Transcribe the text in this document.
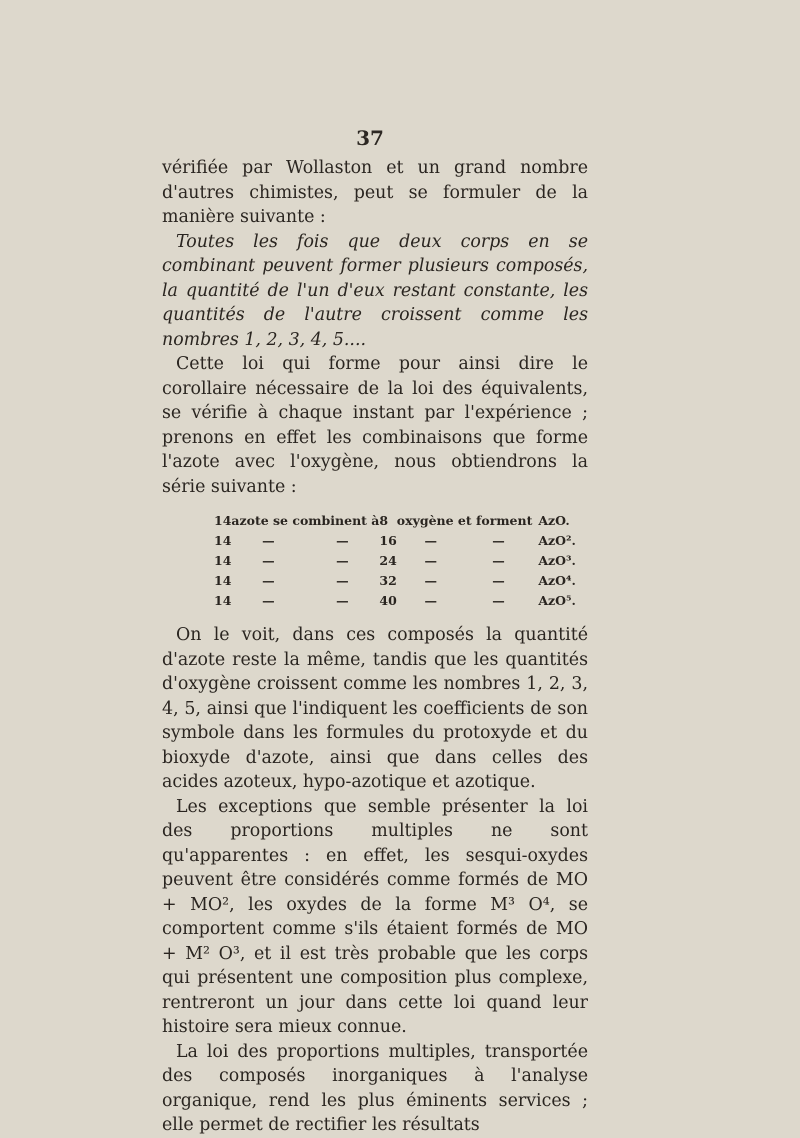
37

vérifiée par Wollaston et un grand nombre d'autres chimistes, peut se formuler de la manière suivante :

Toutes les fois que deux corps en se combinant peuvent former plusieurs composés, la quantité de l'un d'eux restant constante, les quantités de l'autre croissent comme les nombres 1, 2, 3, 4, 5....

Cette loi qui forme pour ainsi dire le corollaire nécessaire de la loi des équivalents, se vérifie à chaque instant par l'expérience ; prenons en effet les combinaisons que forme l'azote avec l'oxygène, nous obtiendrons la série suivante :

14	azote se combinent à		8	oxygène et forment		AzO.
14	—	—	16	—	—	AzO².
14	—	—	24	—	—	AzO³.
14	—	—	32	—	—	AzO⁴.
14	—	—	40	—	—	AzO⁵.

On le voit, dans ces composés la quantité d'azote reste la même, tandis que les quantités d'oxygène croissent comme les nombres 1, 2, 3, 4, 5, ainsi que l'indiquent les coefficients de son symbole dans les formules du protoxyde et du bioxyde d'azote, ainsi que dans celles des acides azoteux, hypo-azotique et azotique.

Les exceptions que semble présenter la loi des proportions multiples ne sont qu'apparentes : en effet, les sesqui-oxydes peuvent être considérés comme formés de MO + MO², les oxydes de la forme M³ O⁴, se comportent comme s'ils étaient formés de MO + M² O³, et il est très probable que les corps qui présentent une composition plus complexe, rentreront un jour dans cette loi quand leur histoire sera mieux connue.

La loi des proportions multiples, transportée des composés inorganiques à l'analyse organique, rend les plus éminents services ; elle permet de rectifier les résultats
